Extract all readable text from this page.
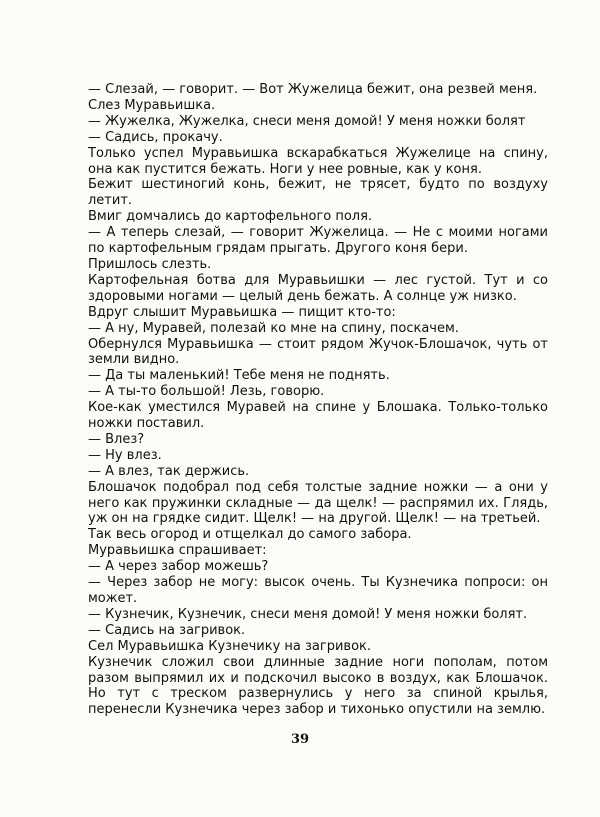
— Слезай, — говорит. — Вот Жужелица бежит, она резвей меня.

Слез Муравьишка.

— Жужелка, Жужелка, снеси меня домой! У меня ножки болят

— Садись, прокачу.

Только успел Муравьишка вскарабкаться Жужелице на спину, она как пустится бежать. Ноги у нее ровные, как у коня.

Бежит шестиногий конь, бежит, не трясет, будто по воздуху летит.

Вмиг домчались до картофельного поля.

— А теперь слезай, — говорит Жужелица. — Не с моими ногами по картофельным грядам прыгать. Другого коня бери.

Пришлось слезть.

Картофельная ботва для Муравьишки — лес густой. Тут и со здоровыми ногами — целый день бежать. А солнце уж низко.

Вдруг слышит Муравьишка — пищит кто-то:

— А ну, Муравей, полезай ко мне на спину, поскачем.

Обернулся Муравьишка — стоит рядом Жучок-Блошачок, чуть от земли видно.

— Да ты маленький! Тебе меня не поднять.

— А ты-то большой! Лезь, говорю.

Кое-как уместился Муравей на спине у Блошака. Только-только ножки поставил.

— Влез?

— Ну влез.

— А влез, так держись.

Блошачок подобрал под себя толстые задние ножки — а они у него как пружинки складные — да щелк! — распрямил их. Глядь, уж он на грядке сидит. Щелк! — на другой. Щелк! — на третьей.

Так весь огород и отщелкал до самого забора.

Муравьишка спрашивает:

— А через забор можешь?

— Через забор не могу: высок очень. Ты Кузнечика попроси: он может.

— Кузнечик, Кузнечик, снеси меня домой! У меня ножки болят.

— Садись на загривок.

Сел Муравьишка Кузнечику на загривок.

Кузнечик сложил свои длинные задние ноги пополам, потом разом выпрямил их и подскочил высоко в воздух, как Блошачок. Но тут с треском развернулись у него за спиной крылья, перенесли Кузнечика через забор и тихонько опустили на землю.

39
